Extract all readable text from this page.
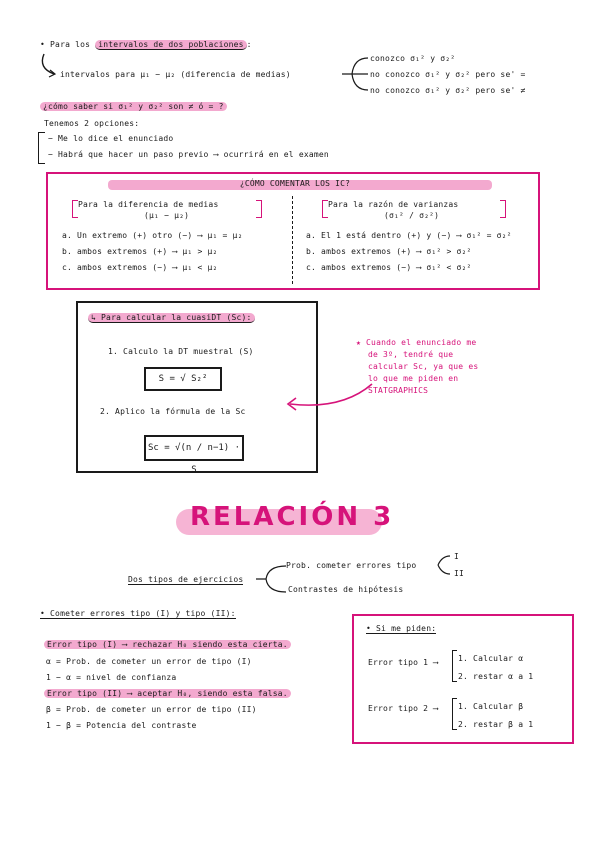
• Para los intervalos de dos poblaciones :
intervalos para μ₁ − μ₂ (diferencia de medias)
conozco σ₁² y σ₂²
no conozco σ₁² y σ₂² pero se' =
no conozco σ₁² y σ₂² pero se' ≠
¿cómo saber si σ₁² y σ₂² son ≠ ó = ?
Tenemos 2 opciones:
− Me lo dice el enunciado
− Habrá que hacer un paso previo ⟶ ocurrirá en el examen
¿CÓMO COMENTAR LOS IC?
Para la diferencia de medias
(μ₁ − μ₂)
a. Un extremo (+) otro (−) ⟶ μ₁ = μ₂
b. ambos extremos (+) ⟶ μ₁ > μ₂
c. ambos extremos (−) ⟶ μ₁ < μ₂
Para la razón de varianzas
(σ₁² / σ₂²)
a. El 1 está dentro (+) y (−) ⟶ σ₁² = σ₂²
b. ambos extremos (+) ⟶ σ₁² > σ₂²
c. ambos extremos (−) ⟶ σ₁² < σ₂²
↳ Para calcular la cuasiDT (Sc):
1. Calculo la DT muestral (S)
S = √ S₂²
2. Aplico la fórmula de la Sc
Sc = √(n / n−1) · S
★ Cuando el enunciado me
de 3º, tendré que
calcular Sc, ya que es
lo que me piden en
STATGRAPHICS
RELACIÓN 3
Dos tipos de ejercicios
Prob. cometer errores tipo
I
II
Contrastes de hipótesis
• Cometer errores tipo (I) y tipo (II):
Error tipo (I) ⟶ rechazar H₀ siendo esta cierta.
α = Prob. de cometer un error de tipo (I)
1 − α = nivel de confianza
Error tipo (II) ⟶ aceptar H₀, siendo esta falsa.
β = Prob. de cometer un error de tipo (II)
1 − β = Potencia del contraste
• Si me piden:
Error tipo 1 ⟶ 1. Calcular α
2. restar α a 1
Error tipo 2 ⟶ 1. Calcular β
2. restar β a 1
